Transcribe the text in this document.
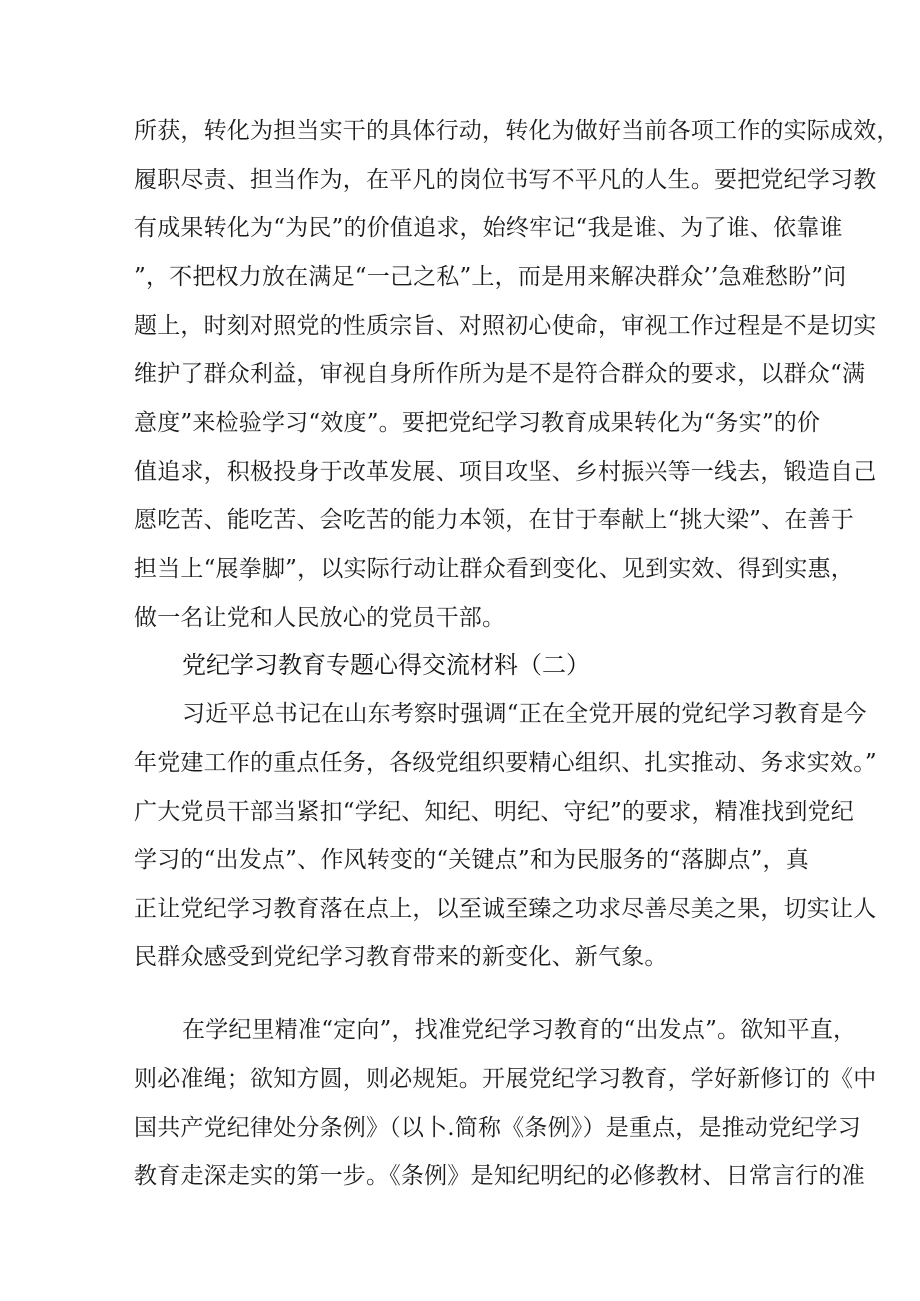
所获，转化为担当实干的具体行动，转化为做好当前各项工作的实际成效，
履职尽责、担当作为，在平凡的岗位书写不平凡的人生。要把党纪学习教
有成果转化为“为民”的价值追求，始终牢记“我是谁、为了谁、依靠谁
”，不把权力放在满足“一己之私”上，而是用来解决群众’’急难愁盼”问
题上，时刻对照党的性质宗旨、对照初心使命，审视工作过程是不是切实
维护了群众利益，审视自身所作所为是不是符合群众的要求，以群众“满
意度”来检验学习“效度”。要把党纪学习教育成果转化为“务实”的价
值追求，积极投身于改革发展、项目攻坚、乡村振兴等一线去，锻造自己
愿吃苦、能吃苦、会吃苦的能力本领，在甘于奉献上“挑大梁”、在善于
担当上“展拳脚”，以实际行动让群众看到变化、见到实效、得到实惠，
做一名让党和人民放心的党员干部。
党纪学习教育专题心得交流材料（二）
习近平总书记在山东考察时强调“正在全党开展的党纪学习教育是今
年党建工作的重点任务，各级党组织要精心组织、扎实推动、务求实效。”
广大党员干部当紧扣“学纪、知纪、明纪、守纪”的要求，精准找到党纪
学习的“出发点”、作风转变的“关键点”和为民服务的“落脚点”，真
正让党纪学习教育落在点上，以至诚至臻之功求尽善尽美之果，切实让人
民群众感受到党纪学习教育带来的新变化、新气象。
在学纪里精准“定向”，找准党纪学习教育的“出发点”。欲知平直，
则必准绳；欲知方圆，则必规矩。开展党纪学习教育，学好新修订的《中
国共产党纪律处分条例》（以卜.简称《条例》）是重点，是推动党纪学习
教育走深走实的第一步。《条例》是知纪明纪的必修教材、日常言行的准
